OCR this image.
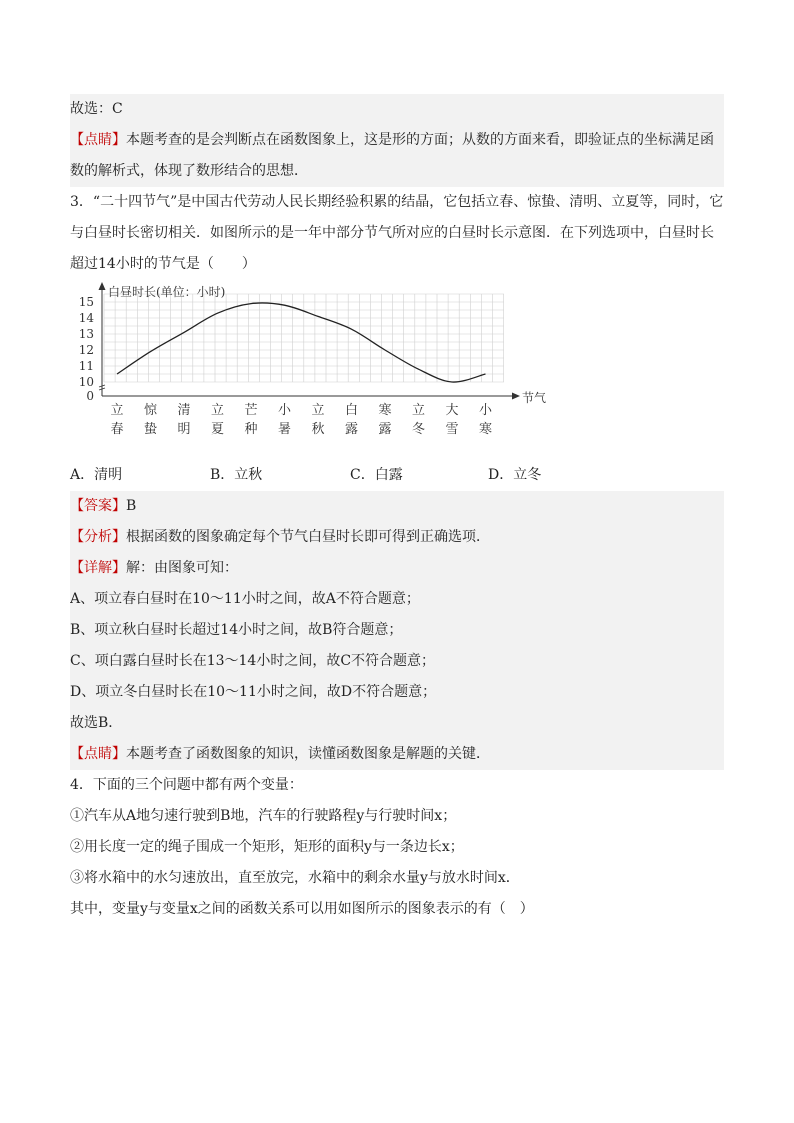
故选：C
【点睛】本题考查的是会判断点在函数图象上，这是形的方面；从数的方面来看，即验证点的坐标满足函
数的解析式，体现了数形结合的思想．
3．“二十四节气”是中国古代劳动人民长期经验积累的结晶，它包括立春、惊蛰、清明、立夏等，同时，它
与白昼时长密切相关．如图所示的是一年中部分节气所对应的白昼时长示意图．在下列选项中，白昼时长
超过14小时的节气是（　　）
10
11
12
13
14
15
0
白昼时长(单位：小时)
节气
立
春
惊
蛰
清
明
立
夏
芒
种
小
暑
立
秋
白
露
寒
露
立
冬
大
雪
小
寒
A．清明	B．立秋	C．白露	D．立冬
【答案】B
【分析】根据函数的图象确定每个节气白昼时长即可得到正确选项．
【详解】解：由图象可知：
A、项立春白昼时在10～11小时之间，故A不符合题意；
B、项立秋白昼时长超过14小时之间，故B符合题意；
C、项白露白昼时长在13～14小时之间，故C不符合题意；
D、项立冬白昼时长在10～11小时之间，故D不符合题意；
故选B．
【点睛】本题考查了函数图象的知识，读懂函数图象是解题的关键．
4．下面的三个问题中都有两个变量：
①汽车从A地匀速行驶到B地，汽车的行驶路程y与行驶时间x；
②用长度一定的绳子围成一个矩形，矩形的面积y与一条边长x；
③将水箱中的水匀速放出，直至放完，水箱中的剩余水量y与放水时间x．
其中，变量y与变量x之间的函数关系可以用如图所示的图象表示的有（　）
